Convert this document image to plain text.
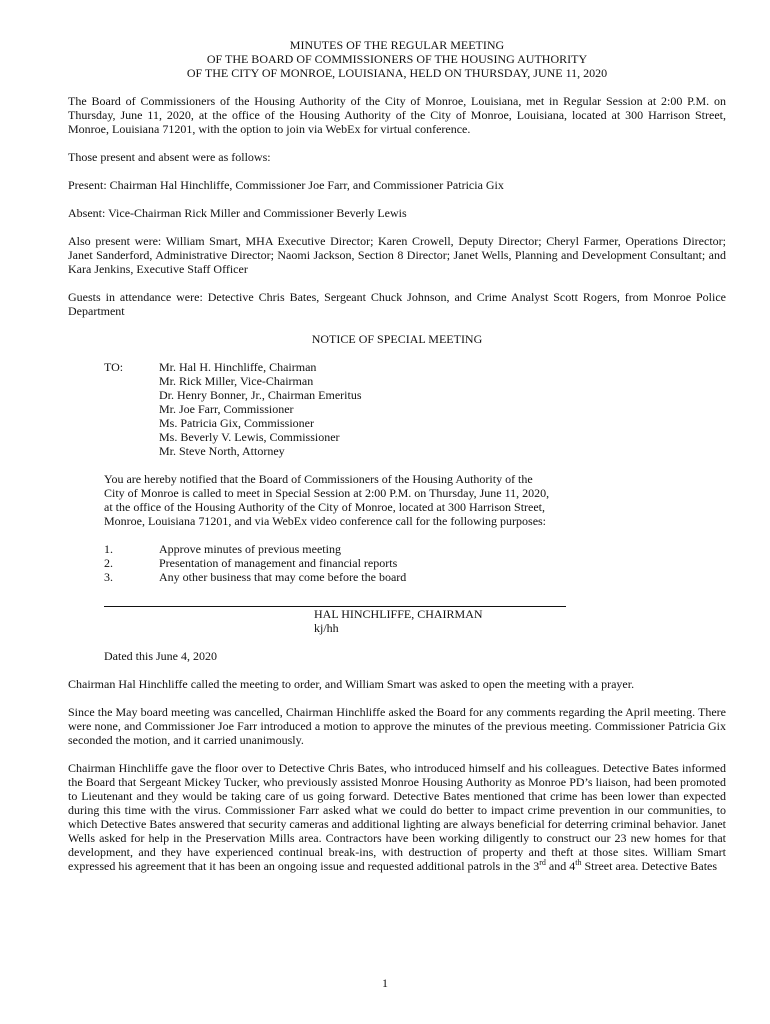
MINUTES OF THE REGULAR MEETING
OF THE BOARD OF COMMISSIONERS OF THE HOUSING AUTHORITY
OF THE CITY OF MONROE, LOUISIANA, HELD ON THURSDAY, JUNE 11, 2020

The Board of Commissioners of the Housing Authority of the City of Monroe, Louisiana, met in Regular Session at 2:00 P.M. on Thursday, June 11, 2020, at the office of the Housing Authority of the City of Monroe, Louisiana, located at 300 Harrison Street, Monroe, Louisiana 71201, with the option to join via WebEx for virtual conference.

Those present and absent were as follows:

Present: Chairman Hal Hinchliffe, Commissioner Joe Farr, and Commissioner Patricia Gix

Absent: Vice-Chairman Rick Miller and Commissioner Beverly Lewis

Also present were: William Smart, MHA Executive Director; Karen Crowell, Deputy Director; Cheryl Farmer, Operations Director; Janet Sanderford, Administrative Director; Naomi Jackson, Section 8 Director; Janet Wells, Planning and Development Consultant; and Kara Jenkins, Executive Staff Officer

Guests in attendance were: Detective Chris Bates, Sergeant Chuck Johnson, and Crime Analyst Scott Rogers, from Monroe Police Department

NOTICE OF SPECIAL MEETING
TO:	Mr. Hal H. Hinchliffe, Chairman
Mr. Rick Miller, Vice-Chairman
Dr. Henry Bonner, Jr., Chairman Emeritus
Mr. Joe Farr, Commissioner
Ms. Patricia Gix, Commissioner
Ms. Beverly V. Lewis, Commissioner
Mr. Steve North, Attorney
You are hereby notified that the Board of Commissioners of the Housing Authority of the
City of Monroe is called to meet in Special Session at 2:00 P.M. on Thursday, June 11, 2020,
at the office of the Housing Authority of the City of Monroe, located at 300 Harrison Street,
Monroe, Louisiana 71201, and via WebEx video conference call for the following purposes:
1.	Approve minutes of previous meeting
2.	Presentation of management and financial reports
3.	Any other business that may come before the board
HAL HINCHLIFFE, CHAIRMAN
kj/hh
Dated this June 4, 2020

Chairman Hal Hinchliffe called the meeting to order, and William Smart was asked to open the meeting with a prayer.

Since the May board meeting was cancelled, Chairman Hinchliffe asked the Board for any comments regarding the April meeting. There were none, and Commissioner Joe Farr introduced a motion to approve the minutes of the previous meeting. Commissioner Patricia Gix seconded the motion, and it carried unanimously.

Chairman Hinchliffe gave the floor over to Detective Chris Bates, who introduced himself and his colleagues. Detective Bates informed the Board that Sergeant Mickey Tucker, who previously assisted Monroe Housing Authority as Monroe PD’s liaison, had been promoted to Lieutenant and they would be taking care of us going forward. Detective Bates mentioned that crime has been lower than expected during this time with the virus. Commissioner Farr asked what we could do better to impact crime prevention in our communities, to which Detective Bates answered that security cameras and additional lighting are always beneficial for deterring criminal behavior. Janet Wells asked for help in the Preservation Mills area. Contractors have been working diligently to construct our 23 new homes for that development, and they have experienced continual break-ins, with destruction of property and theft at those sites. William Smart expressed his agreement that it has been an ongoing issue and requested additional patrols in the 3rd and 4th Street area. Detective Bates

1
